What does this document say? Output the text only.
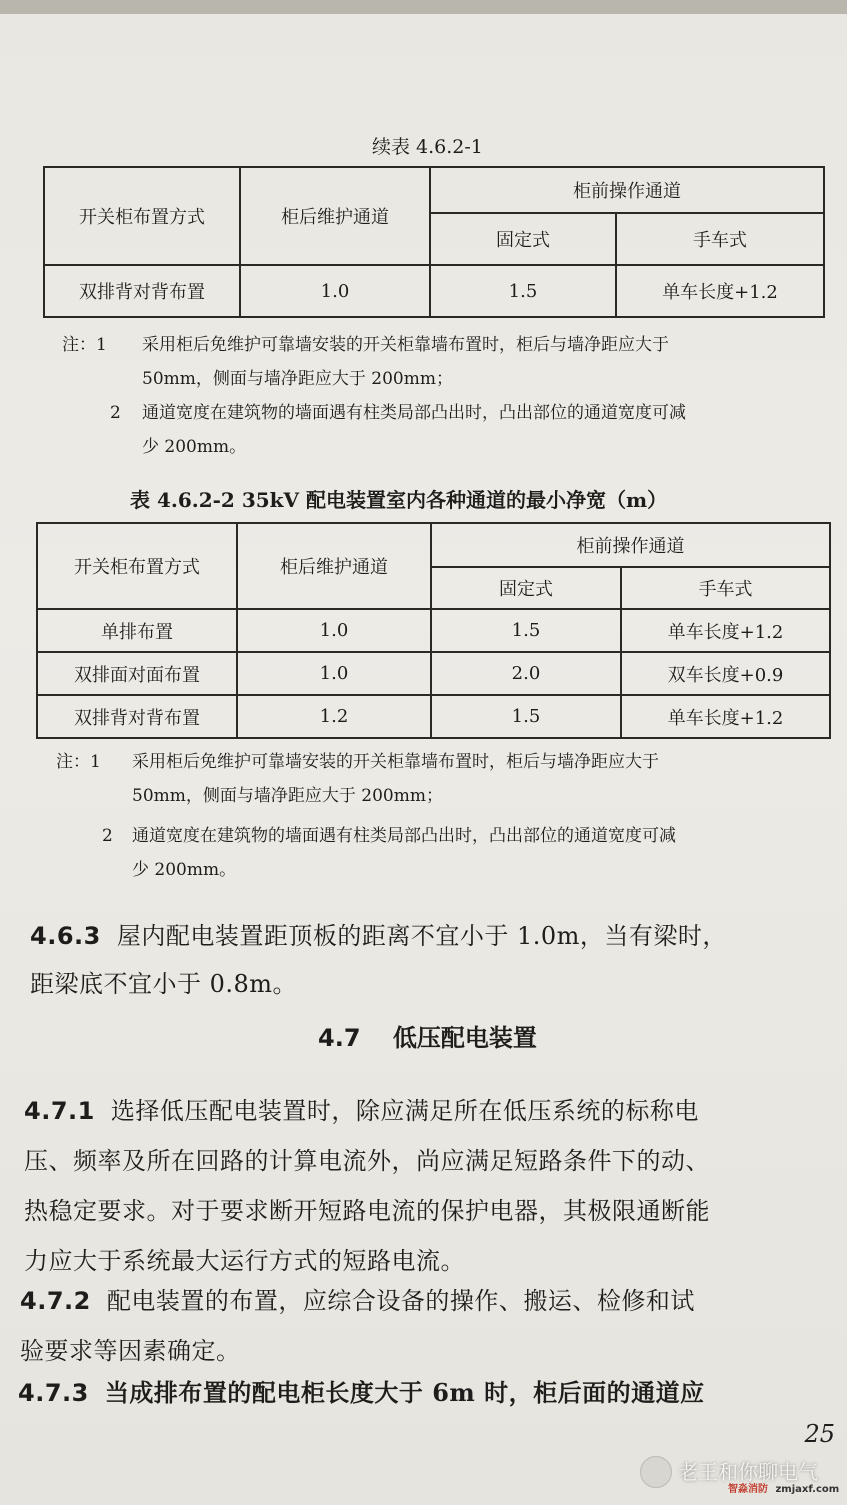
续表 4.6.2-1
开关柜布置方式	柜后维护通道	柜前操作通道	
		固定式	手车式
双排背对背布置	1.0	1.5	单车长度+1.2
注：1 采用柜后免维护可靠墙安装的开关柜靠墙布置时，柜后与墙净距应大于
50mm，侧面与墙净距应大于 200mm；
2 通道宽度在建筑物的墙面遇有柱类局部凸出时，凸出部位的通道宽度可减
少 200mm。
表 4.6.2-2 35kV 配电装置室内各种通道的最小净宽（m）
开关柜布置方式	柜后维护通道	柜前操作通道	
		固定式	手车式
单排布置	1.0	1.5	单车长度+1.2
双排面对面布置	1.0	2.0	双车长度+0.9
双排背对背布置	1.2	1.5	单车长度+1.2
注：1 采用柜后免维护可靠墙安装的开关柜靠墙布置时，柜后与墙净距应大于
50mm，侧面与墙净距应大于 200mm；
2 通道宽度在建筑物的墙面遇有柱类局部凸出时，凸出部位的通道宽度可减
少 200mm。
4.6.3 屋内配电装置距顶板的距离不宜小于 1.0m，当有梁时，
距梁底不宜小于 0.8m。
4.7 低压配电装置
4.7.1 选择低压配电装置时，除应满足所在低压系统的标称电
压、频率及所在回路的计算电流外，尚应满足短路条件下的动、
热稳定要求。对于要求断开短路电流的保护电器，其极限通断能
力应大于系统最大运行方式的短路电流。
4.7.2 配电装置的布置，应综合设备的操作、搬运、检修和试
验要求等因素确定。
4.7.3 当成排布置的配电柜长度大于 6m 时，柜后面的通道应
25
老王和你聊电气
智淼消防 zmjaxf.com
